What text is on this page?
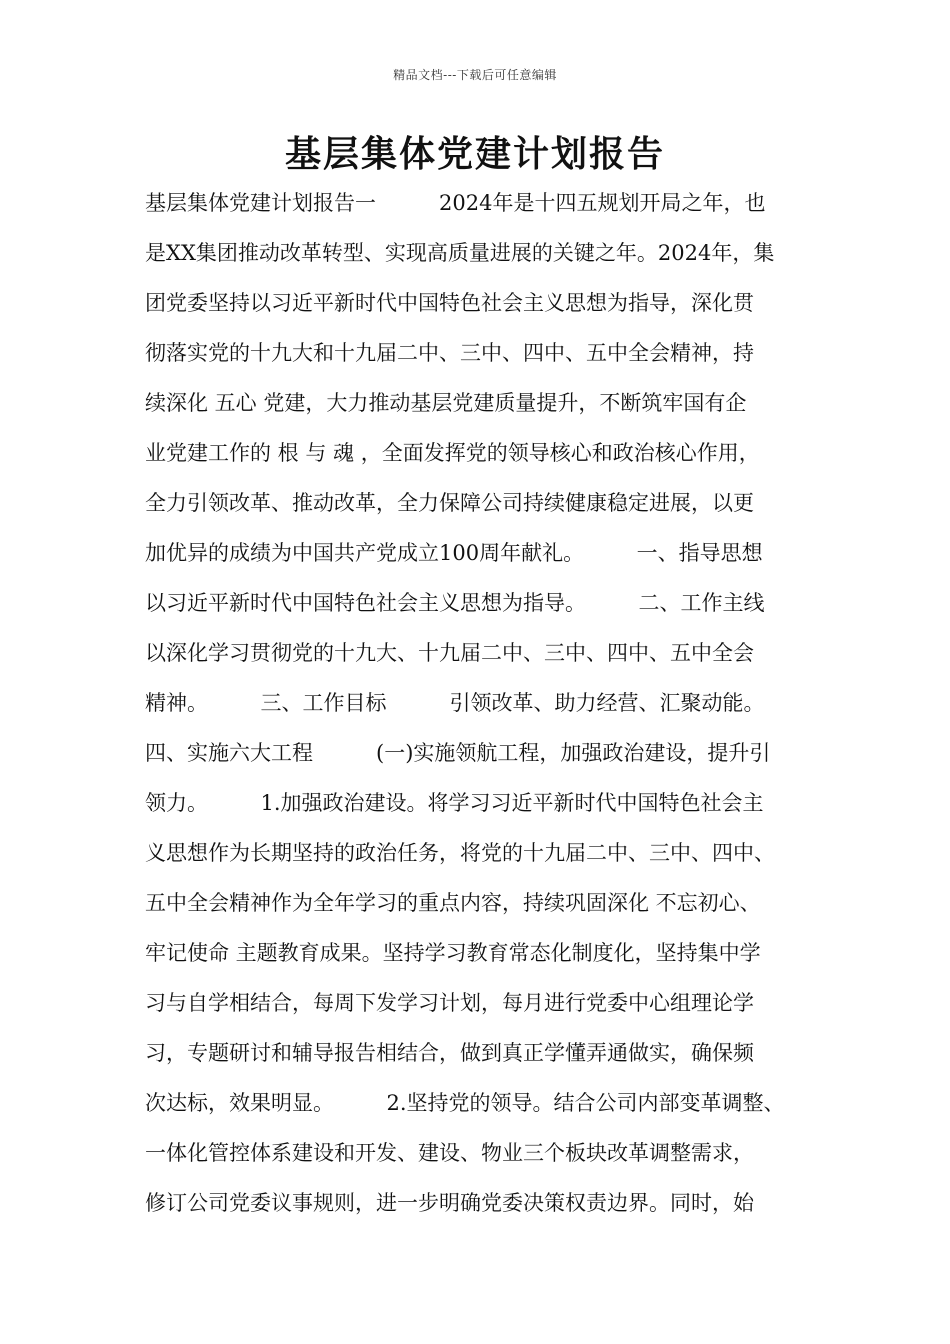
精品文档---下载后可任意编辑
基层集体党建计划报告
基层集体党建计划报告一　　　2024年是十四五规划开局之年，也
是XX集团推动改革转型、实现高质量进展的关键之年。2024年，集
团党委坚持以习近平新时代中国特色社会主义思想为指导，深化贯
彻落实党的十九大和十九届二中、三中、四中、五中全会精神，持
续深化 五心 党建，大力推动基层党建质量提升，不断筑牢国有企
业党建工作的 根 与 魂 ，全面发挥党的领导核心和政治核心作用，
全力引领改革、推动改革，全力保障公司持续健康稳定进展，以更
加优异的成绩为中国共产党成立100周年献礼。　　　一、指导思想
以习近平新时代中国特色社会主义思想为指导。　　　二、工作主线
以深化学习贯彻党的十九大、十九届二中、三中、四中、五中全会
精神。　　　三、工作目标　　　引领改革、助力经营、汇聚动能。
四、实施六大工程　　　(一)实施领航工程，加强政治建设，提升引
领力。　　　1.加强政治建设。将学习习近平新时代中国特色社会主
义思想作为长期坚持的政治任务，将党的十九届二中、三中、四中、
五中全会精神作为全年学习的重点内容，持续巩固深化 不忘初心、
牢记使命 主题教育成果。坚持学习教育常态化制度化，坚持集中学
习与自学相结合，每周下发学习计划，每月进行党委中心组理论学
习，专题研讨和辅导报告相结合，做到真正学懂弄通做实，确保频
次达标，效果明显。　　　2.坚持党的领导。结合公司内部变革调整、
一体化管控体系建设和开发、建设、物业三个板块改革调整需求，
修订公司党委议事规则，进一步明确党委决策权责边界。同时，始
